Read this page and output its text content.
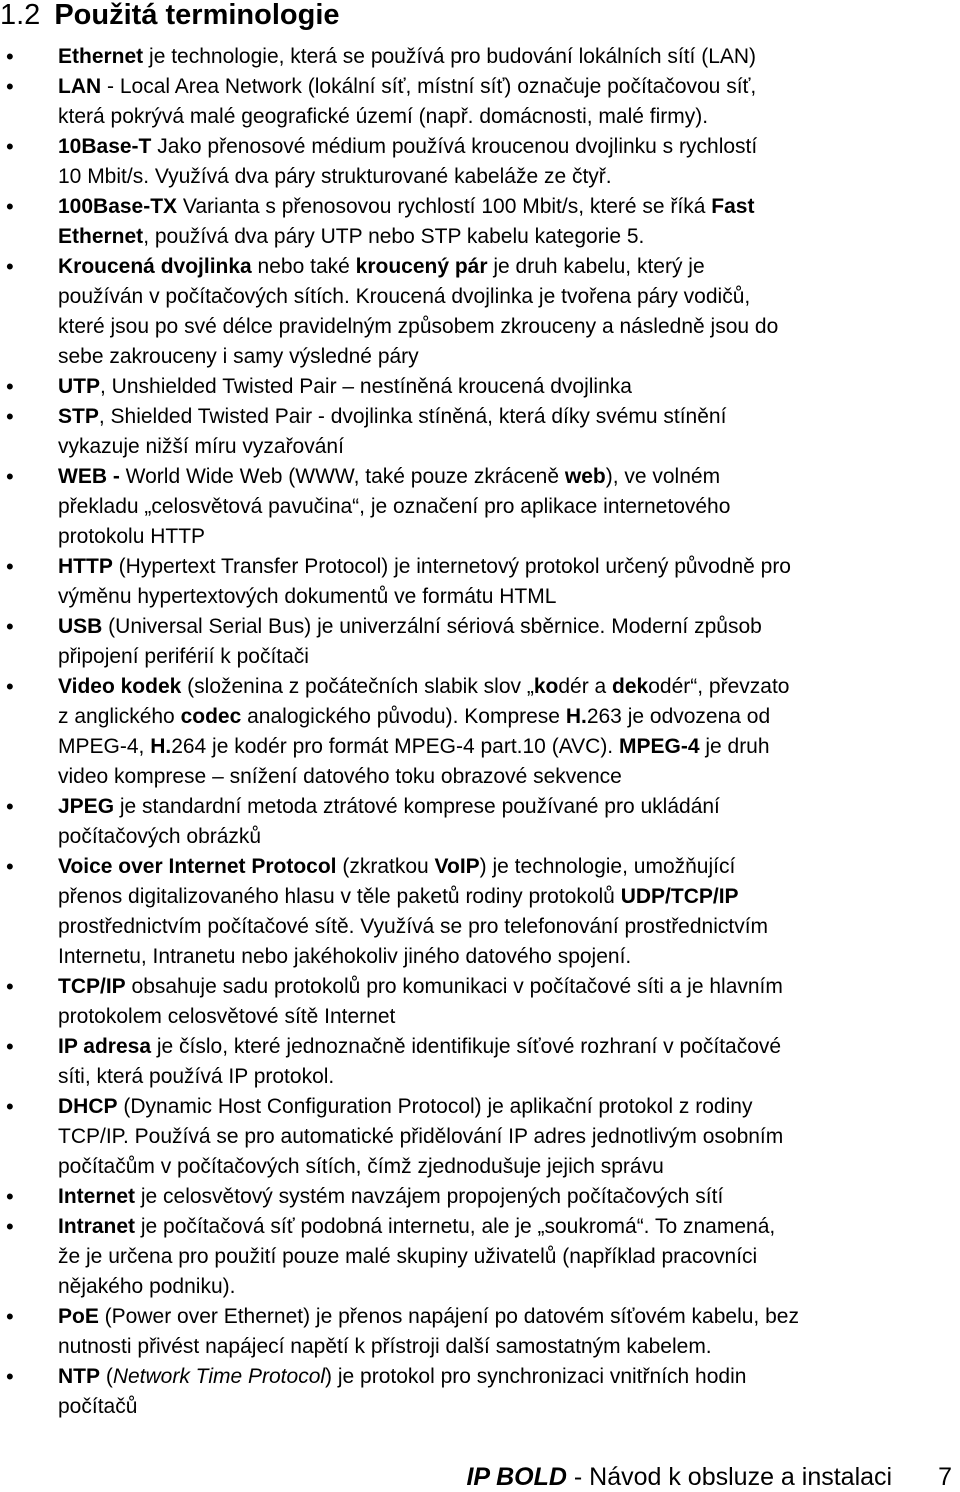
1.2 Použitá terminologie
• Ethernet je technologie, která se používá pro budování lokálních sítí (LAN)
• LAN - Local Area Network (lokální síť, místní síť) označuje počítačovou síť,
která pokrývá malé geografické území (např. domácnosti, malé firmy).
• 10Base-T Jako přenosové médium používá kroucenou dvojlinku s rychlostí
10 Mbit/s. Využívá dva páry strukturované kabeláže ze čtyř.
• 100Base-TX Varianta s přenosovou rychlostí 100 Mbit/s, které se říká Fast
Ethernet, používá dva páry UTP nebo STP kabelu kategorie 5.
• Kroucená dvojlinka nebo také kroucený pár je druh kabelu, který je
používán v počítačových sítích. Kroucená dvojlinka je tvořena páry vodičů,
které jsou po své délce pravidelným způsobem zkrouceny a následně jsou do
sebe zakrouceny i samy výsledné páry
• UTP, Unshielded Twisted Pair – nestíněná kroucená dvojlinka
• STP, Shielded Twisted Pair - dvojlinka stíněná, která díky svému stínění
vykazuje nižší míru vyzařování
• WEB - World Wide Web (WWW, také pouze zkráceně web), ve volném
překladu „celosvětová pavučina“, je označení pro aplikace internetového
protokolu HTTP
• HTTP (Hypertext Transfer Protocol) je internetový protokol určený původně pro
výměnu hypertextových dokumentů ve formátu HTML
• USB (Universal Serial Bus) je univerzální sériová sběrnice. Moderní způsob
připojení periférií k počítači
• Video kodek (složenina z počátečních slabik slov „kodér a dekodér“, převzato
z anglického codec analogického původu). Komprese H.263 je odvozena od
MPEG-4, H.264 je kodér pro formát MPEG-4 part.10 (AVC). MPEG-4 je druh
video komprese – snížení datového toku obrazové sekvence
• JPEG je standardní metoda ztrátové komprese používané pro ukládání
počítačových obrázků
• Voice over Internet Protocol (zkratkou VoIP) je technologie, umožňující
přenos digitalizovaného hlasu v těle paketů rodiny protokolů UDP/TCP/IP
prostřednictvím počítačové sítě. Využívá se pro telefonování prostřednictvím
Internetu, Intranetu nebo jakéhokoliv jiného datového spojení.
• TCP/IP obsahuje sadu protokolů pro komunikaci v počítačové síti a je hlavním
protokolem celosvětové sítě Internet
• IP adresa je číslo, které jednoznačně identifikuje síťové rozhraní v počítačové
síti, která používá IP protokol.
• DHCP (Dynamic Host Configuration Protocol) je aplikační protokol z rodiny
TCP/IP. Používá se pro automatické přidělování IP adres jednotlivým osobním
počítačům v počítačových sítích, čímž zjednodušuje jejich správu
• Internet je celosvětový systém navzájem propojených počítačových sítí
• Intranet je počítačová síť podobná internetu, ale je „soukromá“. To znamená,
že je určena pro použití pouze malé skupiny uživatelů (například pracovníci
nějakého podniku).
• PoE (Power over Ethernet) je přenos napájení po datovém síťovém kabelu, bez
nutnosti přivést napájecí napětí k přístroji další samostatným kabelem.
• NTP (Network Time Protocol) je protokol pro synchronizaci vnitřních hodin
počítačů
IP BOLD - Návod k obsluze a instalaci 7
